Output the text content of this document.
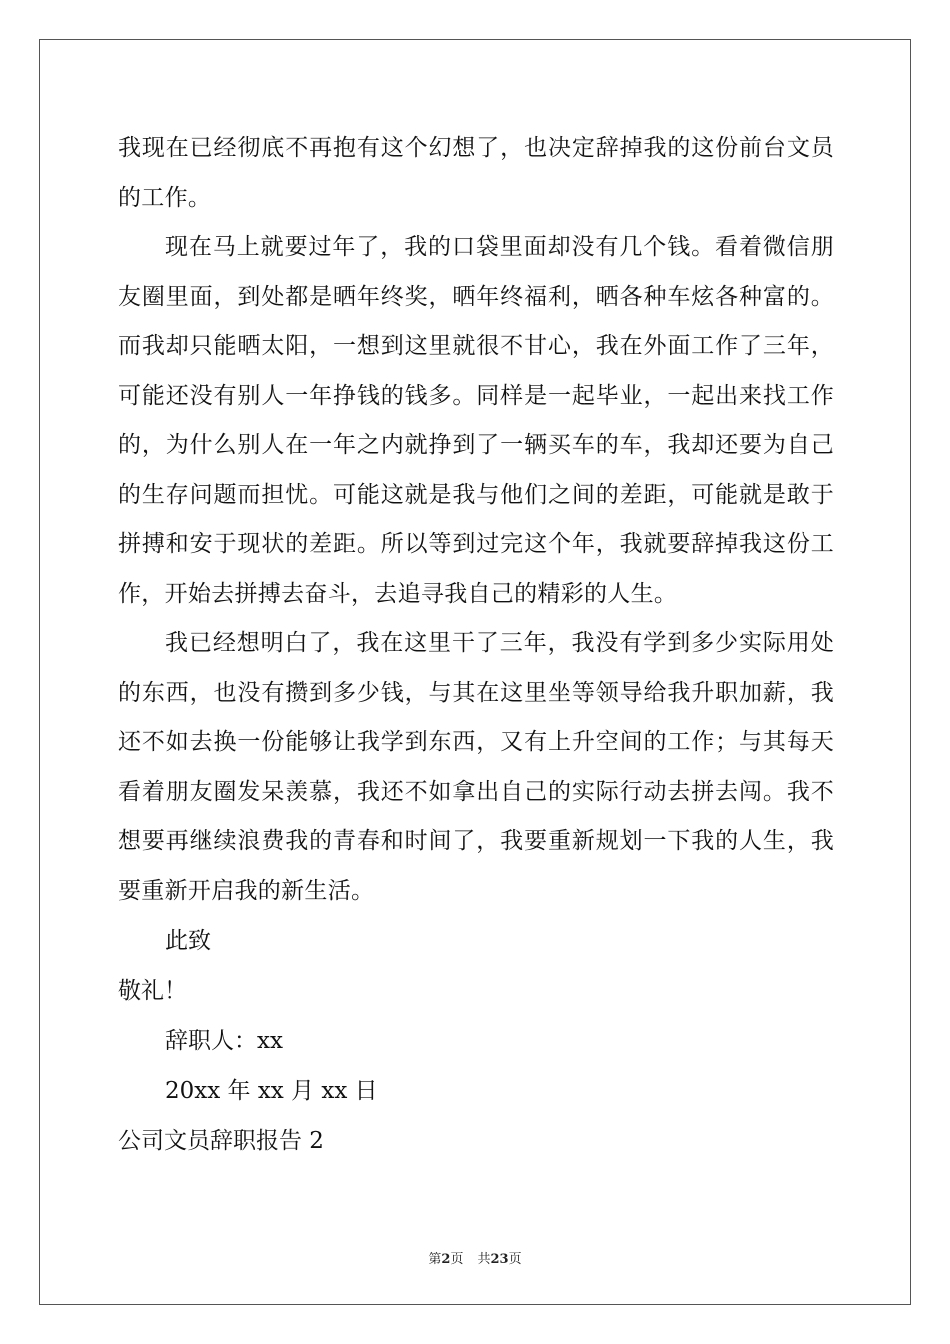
我现在已经彻底不再抱有这个幻想了，也决定辞掉我的这份前台文员
的工作。
现在马上就要过年了，我的口袋里面却没有几个钱。看着微信朋
友圈里面，到处都是晒年终奖，晒年终福利，晒各种车炫各种富的。
而我却只能晒太阳，一想到这里就很不甘心，我在外面工作了三年，
可能还没有别人一年挣钱的钱多。同样是一起毕业，一起出来找工作
的，为什么别人在一年之内就挣到了一辆买车的车，我却还要为自己
的生存问题而担忧。可能这就是我与他们之间的差距，可能就是敢于
拼搏和安于现状的差距。所以等到过完这个年，我就要辞掉我这份工
作，开始去拼搏去奋斗，去追寻我自己的精彩的人生。
我已经想明白了，我在这里干了三年，我没有学到多少实际用处
的东西，也没有攒到多少钱，与其在这里坐等领导给我升职加薪，我
还不如去换一份能够让我学到东西，又有上升空间的工作；与其每天
看着朋友圈发呆羡慕，我还不如拿出自己的实际行动去拼去闯。我不
想要再继续浪费我的青春和时间了，我要重新规划一下我的人生，我
要重新开启我的新生活。
此致
敬礼！
辞职人：xx
20xx 年 xx 月 xx 日
公司文员辞职报告 2
第2页 共23页
